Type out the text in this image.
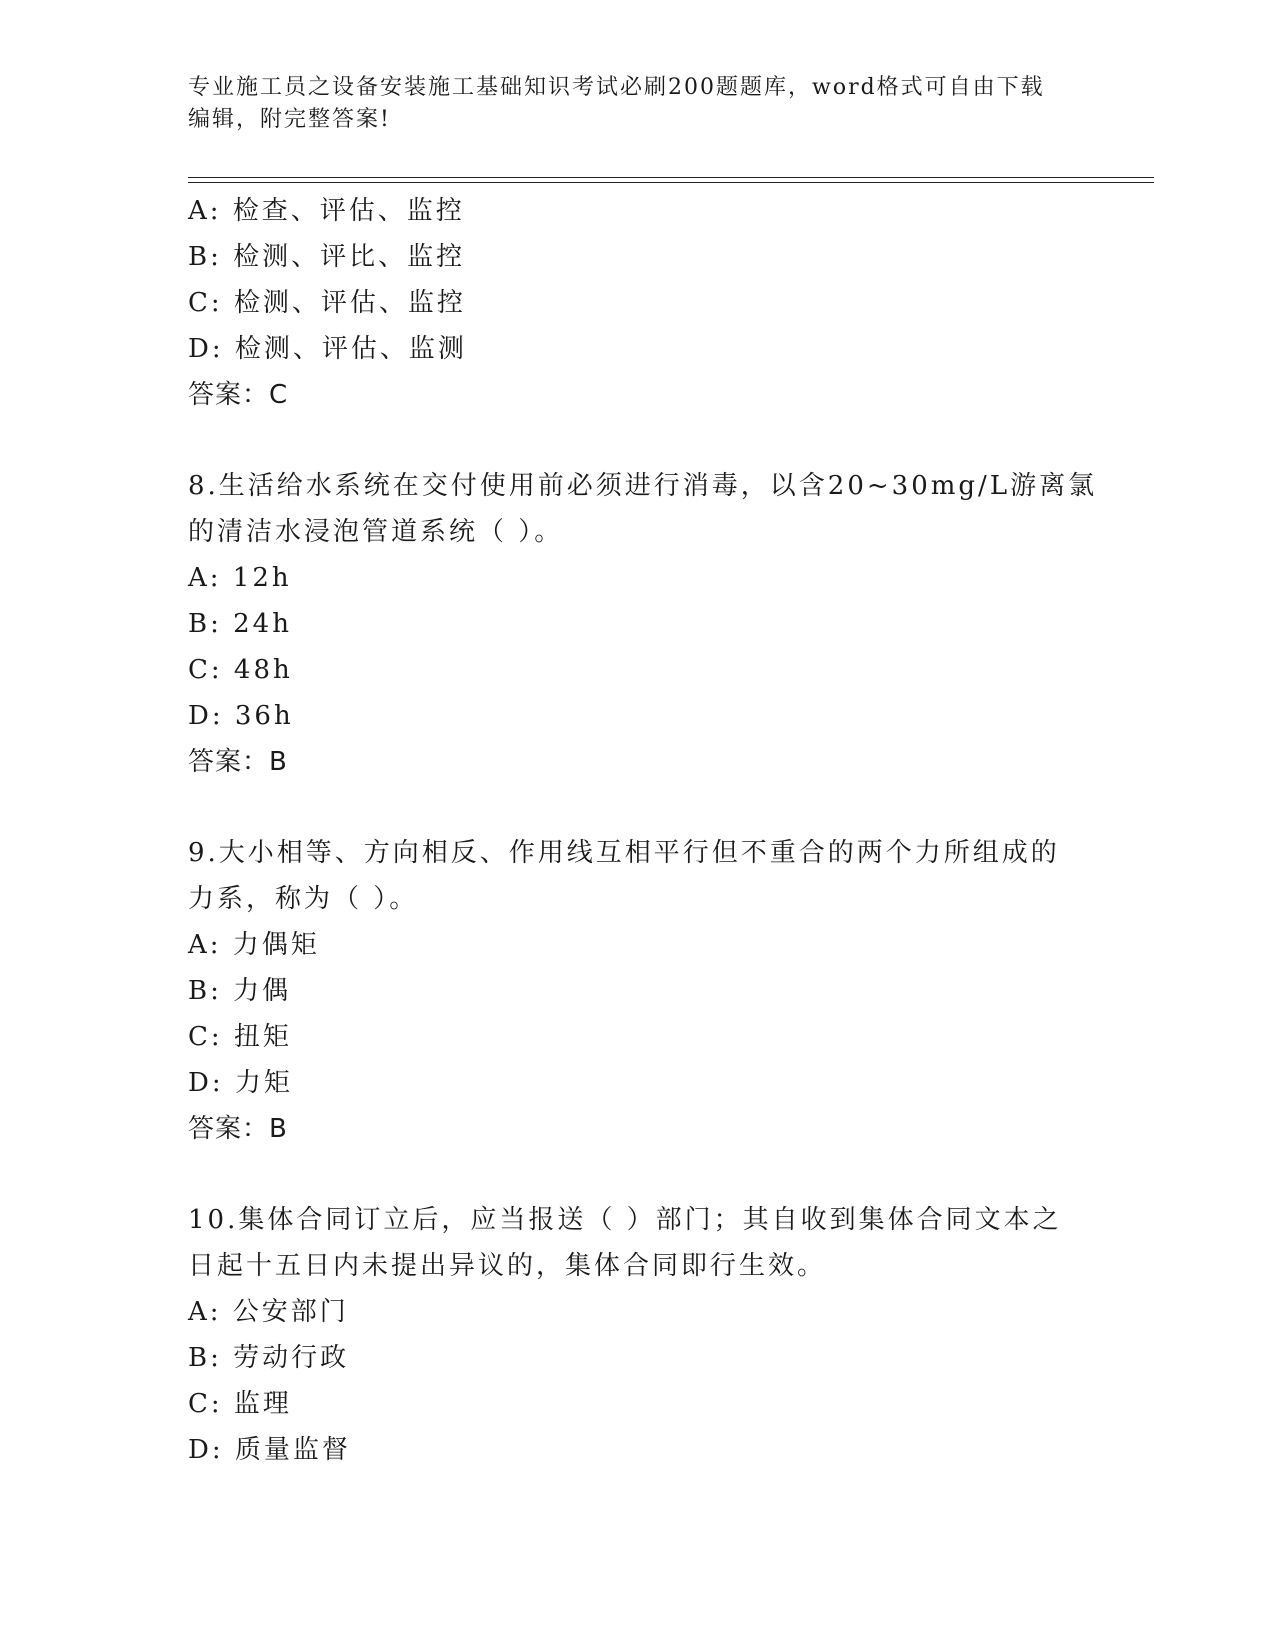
专业施工员之设备安装施工基础知识考试必刷200题题库，word格式可自由下载
编辑，附完整答案!
A: 检查、评估、监控
B: 检测、评比、监控
C: 检测、评估、监控
D: 检测、评估、监测
答案：C
8.生活给水系统在交付使用前必须进行消毒，以含20~30mg/L游离氯
的清洁水浸泡管道系统（ ）。
A: 12h
B: 24h
C: 48h
D: 36h
答案：B
9.大小相等、方向相反、作用线互相平行但不重合的两个力所组成的
力系，称为（ ）。
A: 力偶矩
B: 力偶
C: 扭矩
D: 力矩
答案：B
10.集体合同订立后，应当报送（ ）部门；其自收到集体合同文本之
日起十五日内未提出异议的，集体合同即行生效。
A: 公安部门
B: 劳动行政
C: 监理
D: 质量监督
